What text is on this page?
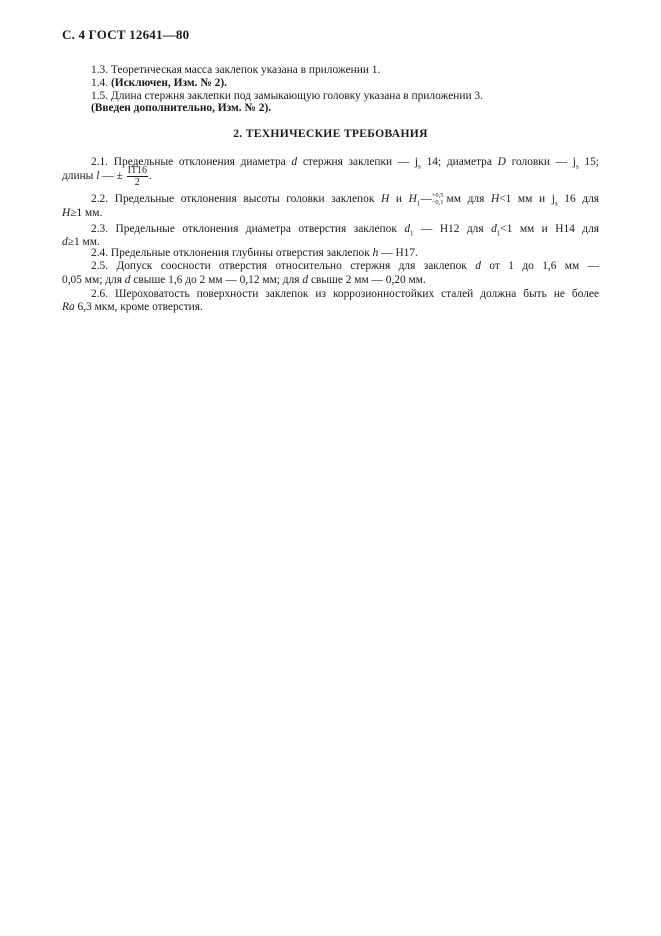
С. 4 ГОСТ 12641—80
1.3. Теоретическая масса заклепок указана в приложении 1.
1.4. (Исключен, Изм. № 2).
1.5. Длина стержня заклепки под замыкающую головку указана в приложении 3.
(Введен дополнительно, Изм. № 2).
2. ТЕХНИЧЕСКИЕ ТРЕБОВАНИЯ
2.1. Предельные отклонения диаметра d стержня заклепки — $j_s$ 14; диаметра D головки — $j_s$ 15;
длины l — ± $\frac{IT16}{2}$ .
2.2. Предельные отклонения высоты головки заклепок H и $H_1— +0,5$
−0,1 мм для H<1 мм и $j_s$ 16 для
H≥1 мм.
2.3. Предельные отклонения диаметра отверстия заклепок $d_1$ — Н12 для $d_1<1$ мм и Н14 для
d≥1 мм.
2.4. Предельные отклонения глубины отверстия заклепок h — Н17.
2.5. Допуск соосности отверстия относительно стержня для заклепок d от 1 до 1,6 мм —
0,05 мм; для d свыше 1,6 до 2 мм — 0,12 мм; для d свыше 2 мм — 0,20 мм.
2.6. Шероховатость поверхности заклепок из коррозионностойких сталей должна быть не более
Ra 6,3 мкм, кроме отверстия.
